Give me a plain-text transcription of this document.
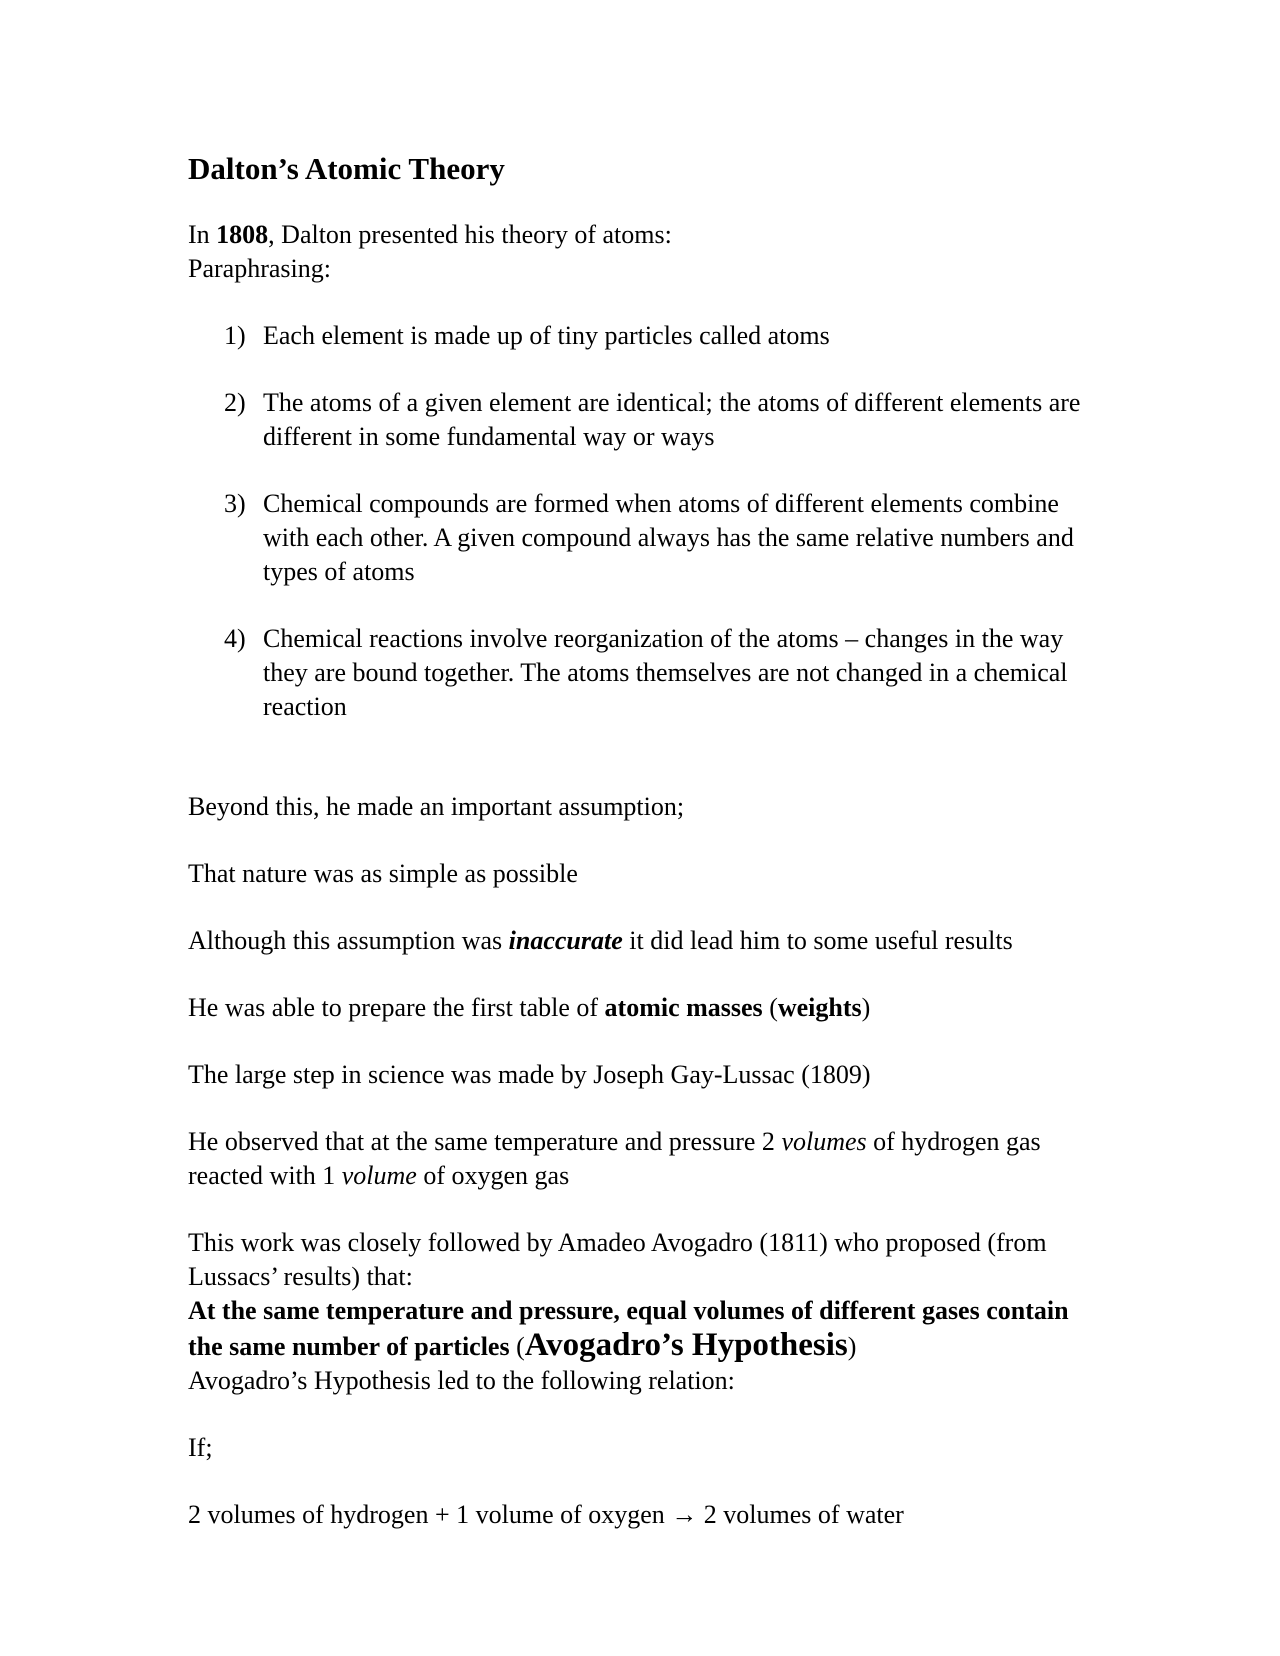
Dalton’s Atomic Theory

In 1808, Dalton presented his theory of atoms:

Paraphrasing:

1) Each element is made up of tiny particles called atoms
2) The atoms of a given element are identical; the atoms of different elements are different in some fundamental way or ways
3) Chemical compounds are formed when atoms of different elements combine with each other. A given compound always has the same relative numbers and types of atoms
4) Chemical reactions involve reorganization of the atoms – changes in the way they are bound together. The atoms themselves are not changed in a chemical reaction

Beyond this, he made an important assumption;

That nature was as simple as possible

Although this assumption was inaccurate it did lead him to some useful results

He was able to prepare the first table of atomic masses (weights)

The large step in science was made by Joseph Gay-Lussac (1809)

He observed that at the same temperature and pressure 2 volumes of hydrogen gas reacted with 1 volume of oxygen gas

This work was closely followed by Amadeo Avogadro (1811) who proposed (from Lussacs’ results) that:

At the same temperature and pressure, equal volumes of different gases contain the same number of particles (Avogadro’s Hypothesis)

Avogadro’s Hypothesis led to the following relation:

If;

2 volumes of hydrogen + 1 volume of oxygen → 2 volumes of water
